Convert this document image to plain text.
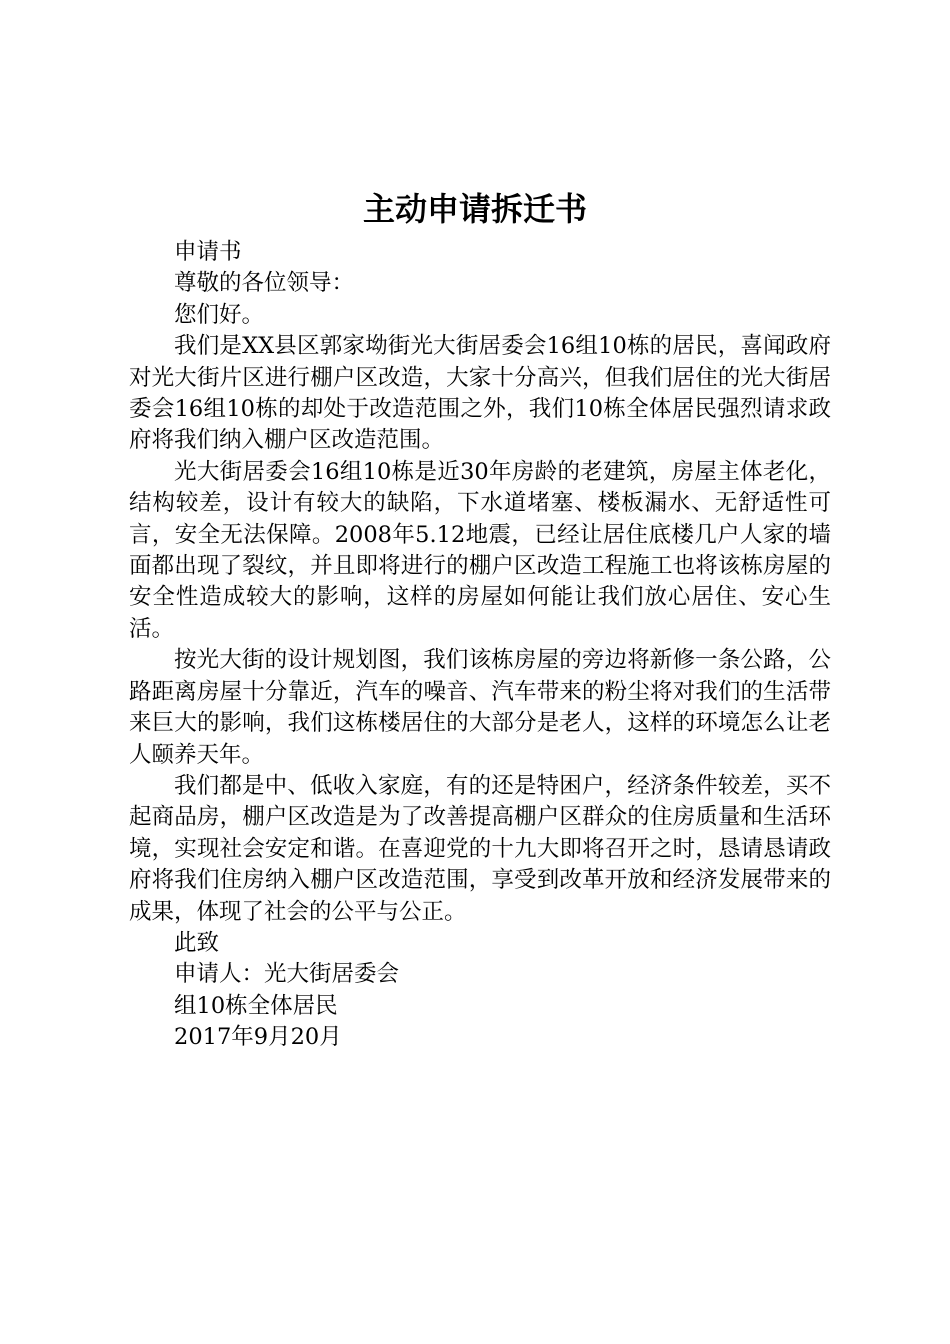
主动申请拆迁书

申请书

尊敬的各位领导：

您们好。

我们是XX县区郭家坳街光大街居委会16组10栋的居民，喜闻政府对光大街片区进行棚户区改造，大家十分高兴，但我们居住的光大街居委会16组10栋的却处于改造范围之外，我们10栋全体居民强烈请求政府将我们纳入棚户区改造范围。

光大街居委会16组10栋是近30年房龄的老建筑，房屋主体老化，结构较差，设计有较大的缺陷，下水道堵塞、楼板漏水、无舒适性可言，安全无法保障。2008年5.12地震，已经让居住底楼几户人家的墙面都出现了裂纹，并且即将进行的棚户区改造工程施工也将该栋房屋的安全性造成较大的影响，这样的房屋如何能让我们放心居住、安心生活。

按光大街的设计规划图，我们该栋房屋的旁边将新修一条公路，公路距离房屋十分靠近，汽车的噪音、汽车带来的粉尘将对我们的生活带来巨大的影响，我们这栋楼居住的大部分是老人，这样的环境怎么让老人颐养天年。

我们都是中、低收入家庭，有的还是特困户，经济条件较差，买不起商品房，棚户区改造是为了改善提高棚户区群众的住房质量和生活环境，实现社会安定和谐。在喜迎党的十九大即将召开之时，恳请恳请政府将我们住房纳入棚户区改造范围，享受到改革开放和经济发展带来的成果，体现了社会的公平与公正。

此致

申请人：光大街居委会

组10栋全体居民

2017年9月20月
